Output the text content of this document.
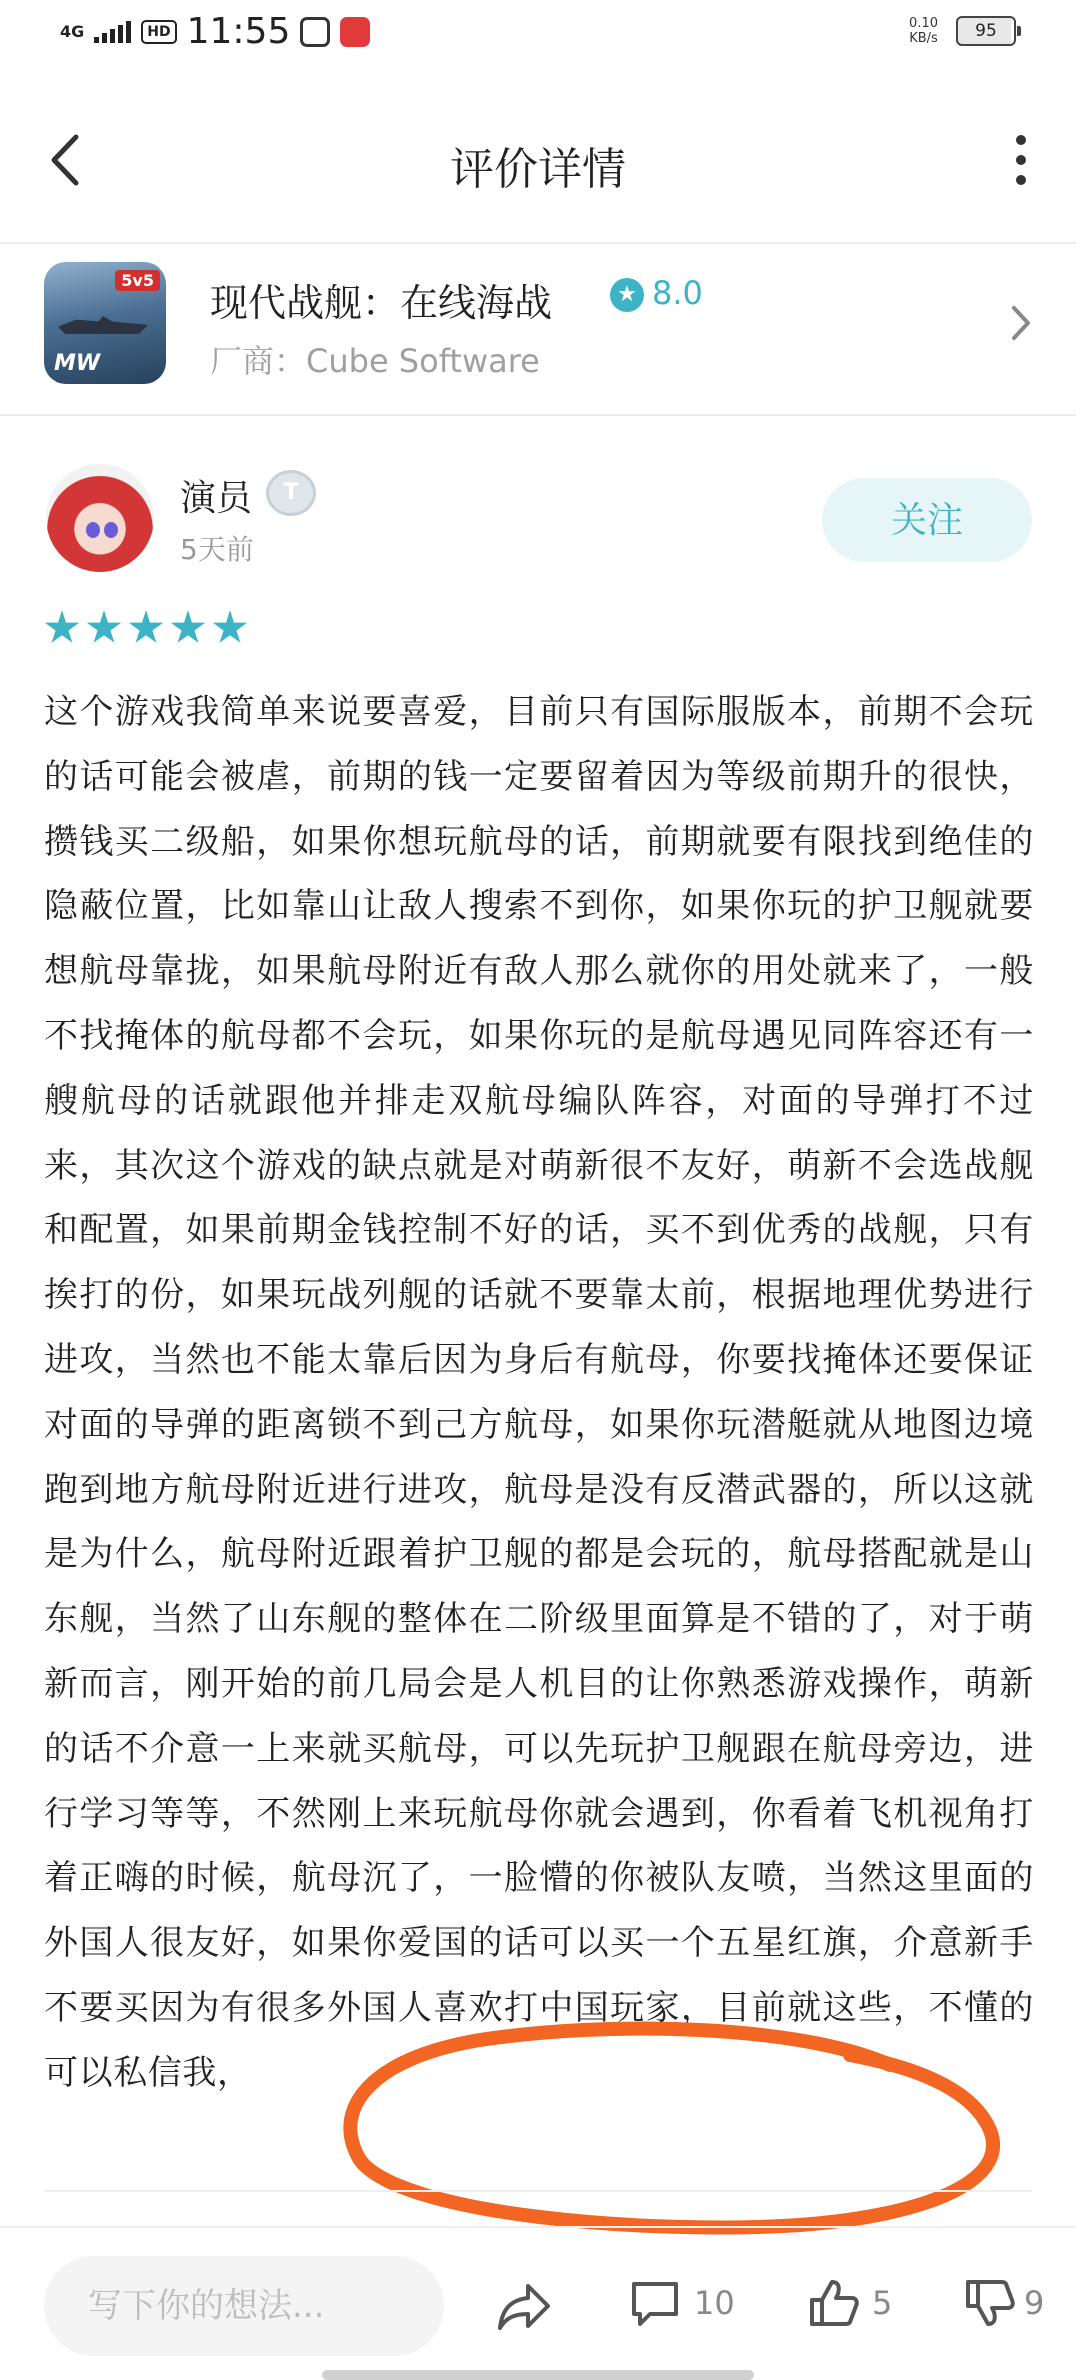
4G	HD 11:55	0.10
KB/s	95
评价详情
5v5
MW
现代战舰：在线海战	★ 8.0
厂商：Cube Software
演员	T
5天前
关注
这个游戏我简单来说要喜爱，目前只有国际服版本，前期不会玩的话可能会被虐，前期的钱一定要留着因为等级前期升的很快，攒钱买二级船，如果你想玩航母的话，前期就要有限找到绝佳的隐蔽位置，比如靠山让敌人搜索不到你，如果你玩的护卫舰就要想航母靠拢，如果航母附近有敌人那么就你的用处就来了，一般不找掩体的航母都不会玩，如果你玩的是航母遇见同阵容还有一艘航母的话就跟他并排走双航母编队阵容，对面的导弹打不过来，其次这个游戏的缺点就是对萌新很不友好，萌新不会选战舰和配置，如果前期金钱控制不好的话，买不到优秀的战舰，只有挨打的份，如果玩战列舰的话就不要靠太前，根据地理优势进行进攻，当然也不能太靠后因为身后有航母，你要找掩体还要保证对面的导弹的距离锁不到己方航母，如果你玩潜艇就从地图边境跑到地方航母附近进行进攻，航母是没有反潜武器的，所以这就是为什么，航母附近跟着护卫舰的都是会玩的，航母搭配就是山东舰，当然了山东舰的整体在二阶级里面算是不错的了，对于萌新而言，刚开始的前几局会是人机目的让你熟悉游戏操作，萌新的话不介意一上来就买航母，可以先玩护卫舰跟在航母旁边，进行学习等等，不然刚上来玩航母你就会遇到，你看着飞机视角打着正嗨的时候，航母沉了，一脸懵的你被队友喷，当然这里面的外国人很友好，如果你爱国的话可以买一个五星红旗，介意新手不要买因为有很多外国人喜欢打中国玩家，目前就这些，不懂的可以私信我，
写下你的想法...
10	5	9
